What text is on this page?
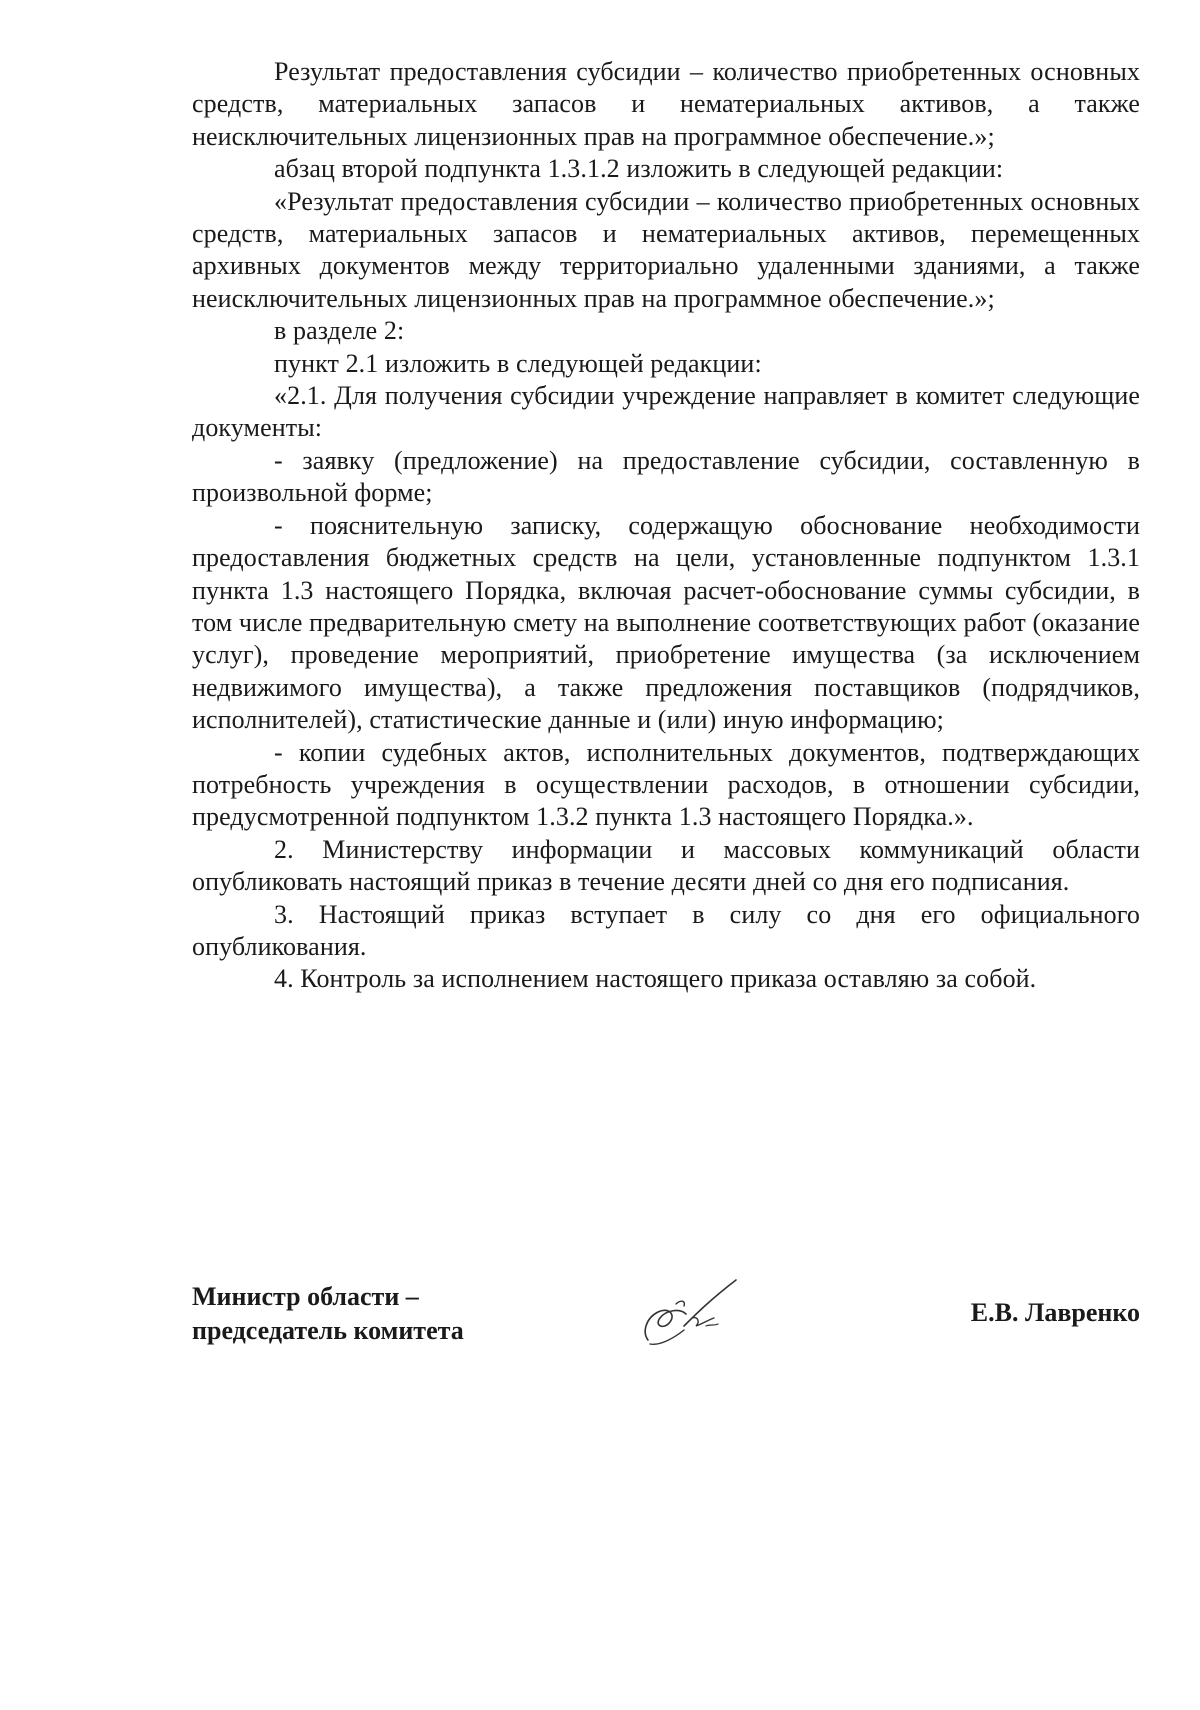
Результат предоставления субсидии – количество приобретенных основных средств, материальных запасов и нематериальных активов, а также неисключительных лицензионных прав на программное обеспечение.»;

абзац второй подпункта 1.3.1.2 изложить в следующей редакции:

«Результат предоставления субсидии – количество приобретенных основных средств, материальных запасов и нематериальных активов, перемещенных архивных документов между территориально удаленными зданиями, а также неисключительных лицензионных прав на программное обеспечение.»;

в разделе 2:

пункт 2.1 изложить в следующей редакции:

«2.1. Для получения субсидии учреждение направляет в комитет следующие документы:

- заявку (предложение) на предоставление субсидии, составленную в произвольной форме;

- пояснительную записку, содержащую обоснование необходимости предоставления бюджетных средств на цели, установленные подпунктом 1.3.1 пункта 1.3 настоящего Порядка, включая расчет-обоснование суммы субсидии, в том числе предварительную смету на выполнение соответствующих работ (оказание услуг), проведение мероприятий, приобретение имущества (за исключением недвижимого имущества), а также предложения поставщиков (подрядчиков, исполнителей), статистические данные и (или) иную информацию;

- копии судебных актов, исполнительных документов, подтверждающих потребность учреждения в осуществлении расходов, в отношении субсидии, предусмотренной подпунктом 1.3.2 пункта 1.3 настоящего Порядка.».

2. Министерству информации и массовых коммуникаций области опубликовать настоящий приказ в течение десяти дней со дня его подписания.

3. Настоящий приказ вступает в силу со дня его официального опубликования.

4. Контроль за исполнением настоящего приказа оставляю за собой.

Министр области –
председатель комитета
Е.В. Лавренко
